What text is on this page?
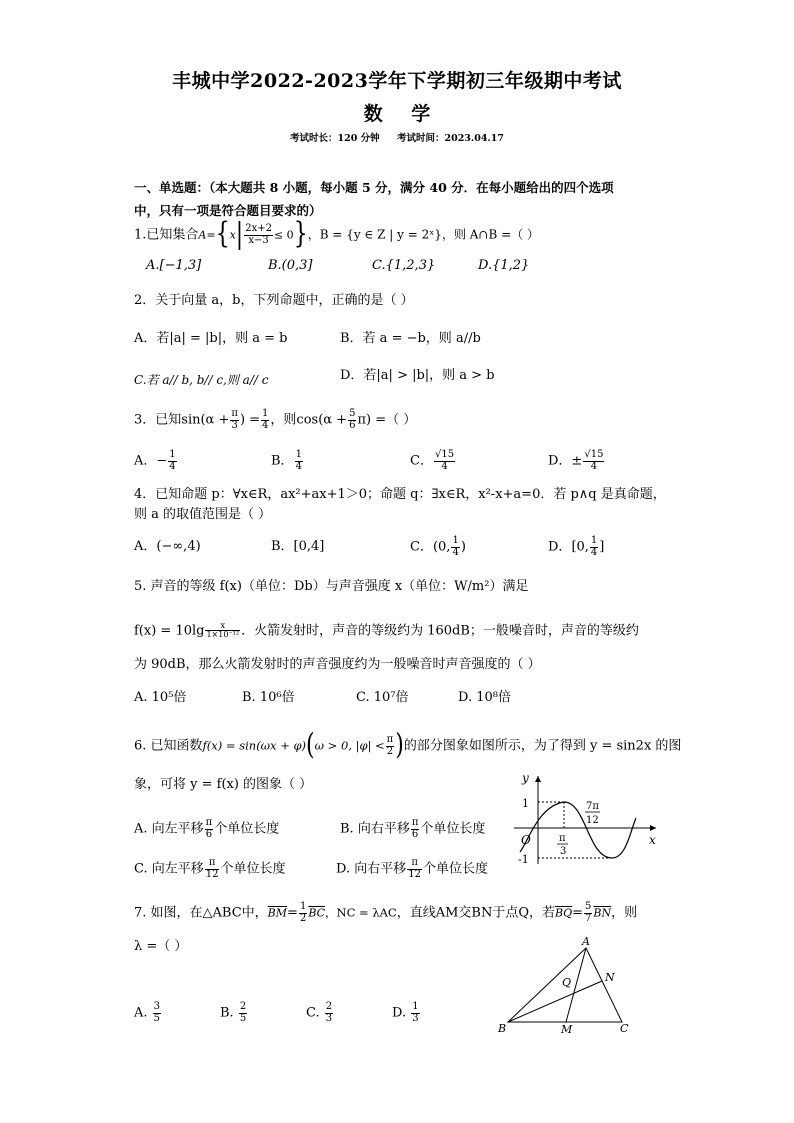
丰城中学2022-2023学年下学期初三年级期中考试
数 学
考试时长：120 分钟 考试时间：2023.04.17
一、单选题：（本大题共 8 小题，每小题 5 分，满分 40 分．在每小题给出的四个选项
中，只有一项是符合题目要求的）
1.已知集合$A=\{x| \frac{2x+2}{x-3} \le 0\}$，B = {y ∈ Z | y = 2ˣ}，则 A∩B =（ ）
A.[−1,3]	B.(0,3]	C.{1,2,3}	D.{1,2}
2．关于向量 a，b，下列命题中，正确的是（ ）
A．若|a| = |b|，则 a = b	B．若 a = −b，则 a//b
C.若 a// b, b// c,则 a// c	D．若|a| > |b|，则 a > b
3．已知$\sin(\alpha + \frac{\pi}{3}$ ) = $\frac{1}{4}$ ，则$\cos(\alpha + \frac{5}{6} \pi)$ =（ ）
A．− $\frac{1}{4}$	B． $\frac{1}{4}$	C． $\frac{√15}{4}$	D．± $\frac{√15}{4}$
4．已知命题 p：∀x∈R，ax²+ax+1＞0；命题 q：∃x∈R，x²-x+a=0．若 p∧q 是真命题，
则 a 的取值范围是（ ）
A．(−∞,4)	B．[0,4]	C．(0, $\frac{1}{4}$ )	D．[0, $\frac{1}{4}$ ]
5. 声音的等级 f(x)（单位：Db）与声音强度 x（单位：W/m²）满足
$f(x) = 10\lg \frac{x}{\text{1×10⁻¹²}}$ ．火箭发射时，声音的等级约为 160dB；一般噪音时，声音的等级约
为 90dB，那么火箭发射时的声音强度约为一般噪音时声音强度的（ ）
A. 10⁵倍	B. 10⁶倍	C. 10⁷倍	D. 10⁸倍
6. 已知函数f(x) = sin(ωx + φ)(ω > 0, $|\varphi| < \frac{\pi}{2}$ )的部分图象如图所示，为了得到 y = sin2x 的图
象，可将 y = f(x) 的图象（ ）
A. 向左平移 $\frac{\pi}{6}$ 个单位长度	B. 向右平移 $\frac{\pi}{6}$ 个单位长度
C. 向左平移 $\frac{\pi}{12}$ 个单位长度	D. 向右平移 $\frac{\pi}{12}$ 个单位长度
y
x
O
1
-1
π
3
7π
12
7. 如图，在△ABC中，$\overline{BM}= \frac{1}{2} \overline{BC}$，NC = λAC，直线AM交BN于点Q，若$\overline{BQ}= \frac{5}{7} \overline{BN}$，则
λ =（ ）
A. $\frac{3}{5}$	B. $\frac{2}{5}$	C. $\frac{2}{3}$	D. $\frac{1}{3}$
A
B	C
M
N
Q
